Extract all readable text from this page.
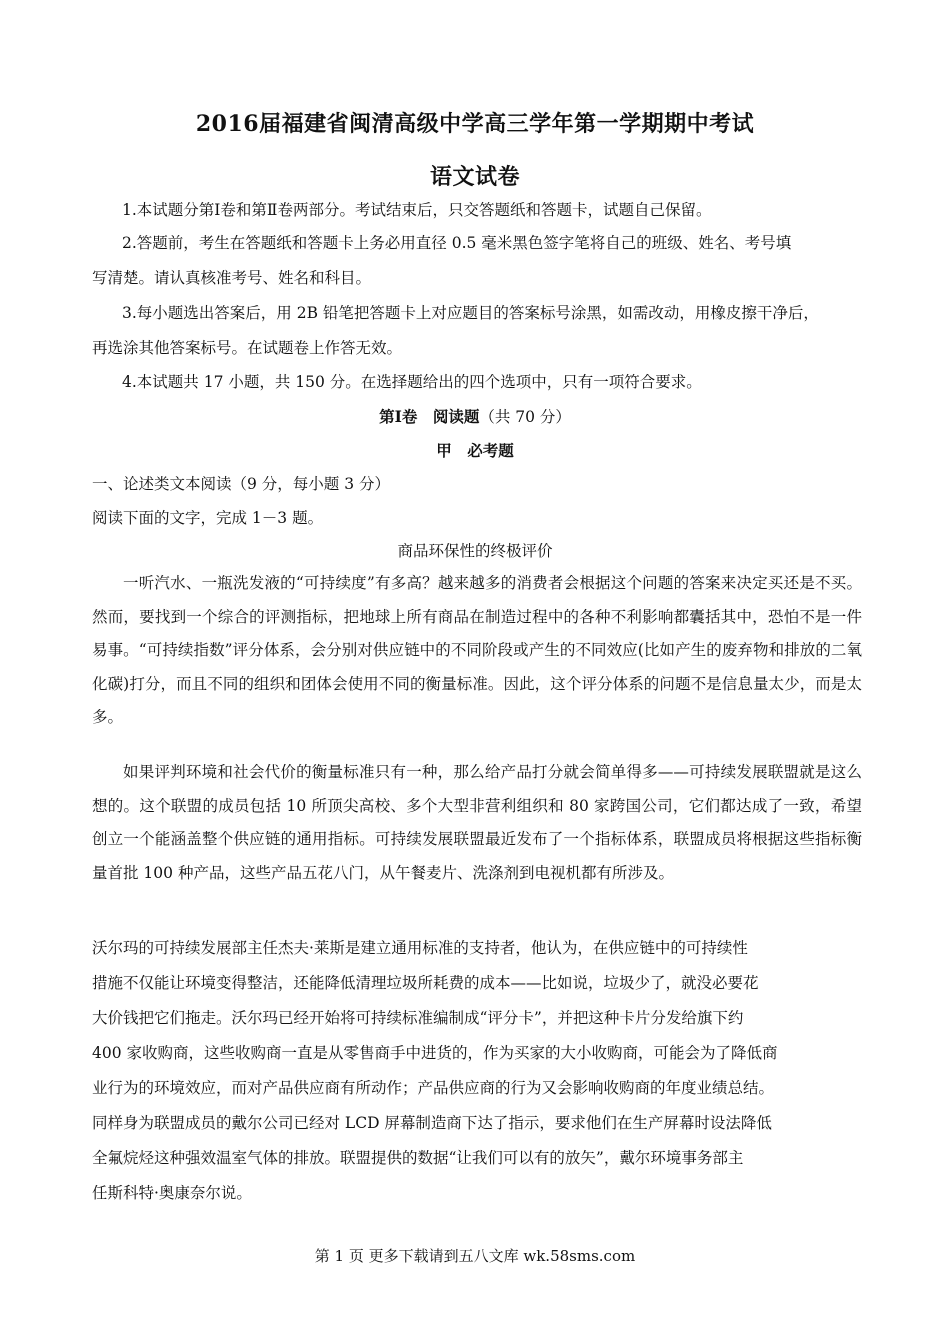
2016届福建省闽清高级中学高三学年第一学期期中考试
语文试卷
1.本试题分第Ⅰ卷和第Ⅱ卷两部分。考试结束后，只交答题纸和答题卡，试题自己保留。
2.答题前，考生在答题纸和答题卡上务必用直径 0.5 毫米黑色签字笔将自己的班级、姓名、考号填
写清楚。请认真核准考号、姓名和科目。
3.每小题选出答案后，用 2B 铅笔把答题卡上对应题目的答案标号涂黑，如需改动，用橡皮擦干净后，
再选涂其他答案标号。在试题卷上作答无效。
4.本试题共 17 小题，共 150 分。在选择题给出的四个选项中，只有一项符合要求。
第Ⅰ卷　阅读题（共 70 分）
甲　必考题
一、论述类文本阅读（9 分，每小题 3 分）
阅读下面的文字，完成 1－3 题。
商品环保性的终极评价
一听汽水、一瓶洗发液的“可持续度”有多高？越来越多的消费者会根据这个问题的答案来决定买还是不买。然而，要找到一个综合的评测指标，把地球上所有商品在制造过程中的各种不利影响都囊括其中，恐怕不是一件易事。“可持续指数”评分体系，会分别对供应链中的不同阶段或产生的不同效应(比如产生的废弃物和排放的二氧化碳)打分，而且不同的组织和团体会使用不同的衡量标准。因此，这个评分体系的问题不是信息量太少，而是太多。
如果评判环境和社会代价的衡量标准只有一种，那么给产品打分就会简单得多——可持续发展联盟就是这么想的。这个联盟的成员包括 10 所顶尖高校、多个大型非营利组织和 80 家跨国公司，它们都达成了一致，希望创立一个能涵盖整个供应链的通用指标。可持续发展联盟最近发布了一个指标体系，联盟成员将根据这些指标衡量首批 100 种产品，这些产品五花八门，从午餐麦片、洗涤剂到电视机都有所涉及。
沃尔玛的可持续发展部主任杰夫·莱斯是建立通用标准的支持者，他认为，在供应链中的可持续性
措施不仅能让环境变得整洁，还能降低清理垃圾所耗费的成本——比如说，垃圾少了，就没必要花
大价钱把它们拖走。沃尔玛已经开始将可持续标准编制成“评分卡”，并把这种卡片分发给旗下约
400 家收购商，这些收购商一直是从零售商手中进货的，作为买家的大小收购商，可能会为了降低商
业行为的环境效应，而对产品供应商有所动作；产品供应商的行为又会影响收购商的年度业绩总结。
同样身为联盟成员的戴尔公司已经对 LCD 屏幕制造商下达了指示，要求他们在生产屏幕时设法降低
全氟烷烃这种强效温室气体的排放。联盟提供的数据“让我们可以有的放矢”，戴尔环境事务部主
任斯科特·奥康奈尔说。
第 1 页 更多下载请到五八文库 wk.58sms.com
